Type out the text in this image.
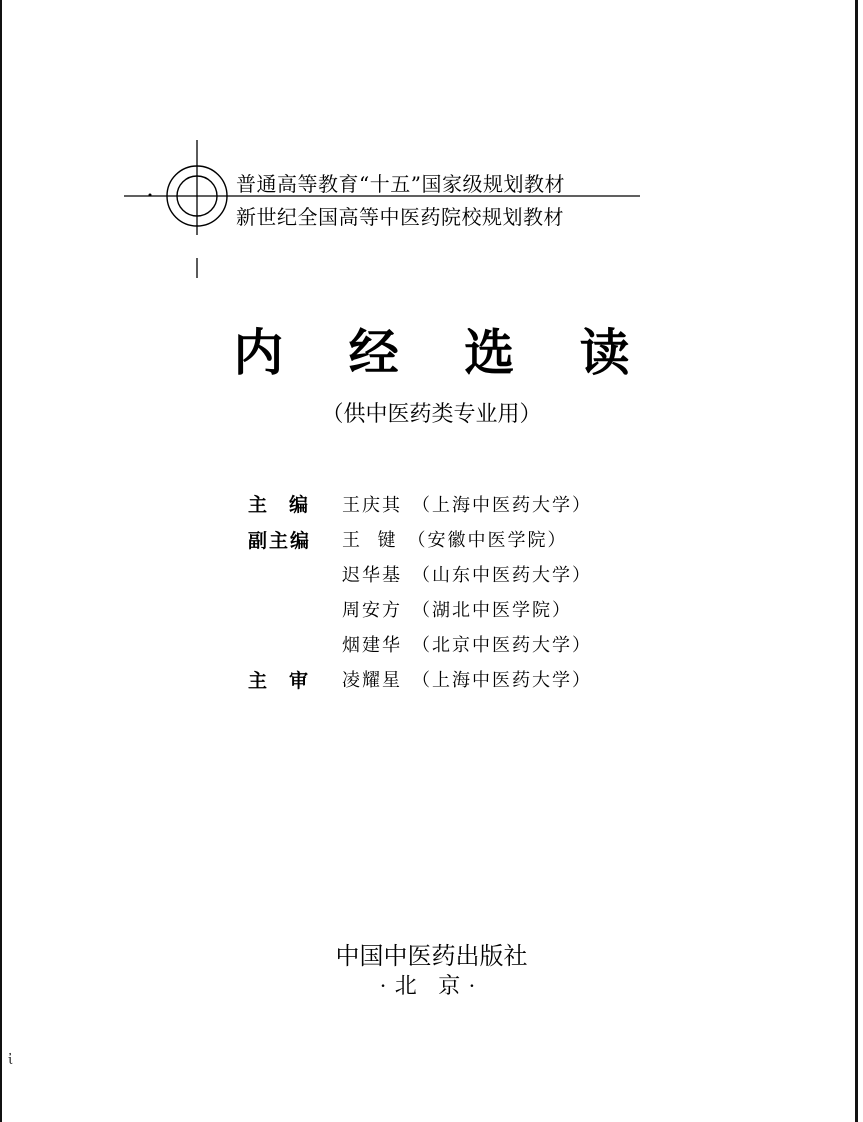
普通高等教育“十五”国家级规划教材
新世纪全国高等中医药院校规划教材
内 经 选 读
（供中医药类专业用）
主 编
副主编
主 审
王庆其 （上海中医药大学）
王  键 （安徽中医学院）
迟华基 （山东中医药大学）
周安方 （湖北中医学院）
烟建华 （北京中医药大学）
凌耀星 （上海中医药大学）
中国中医药出版社
·北 京·
ἰ
